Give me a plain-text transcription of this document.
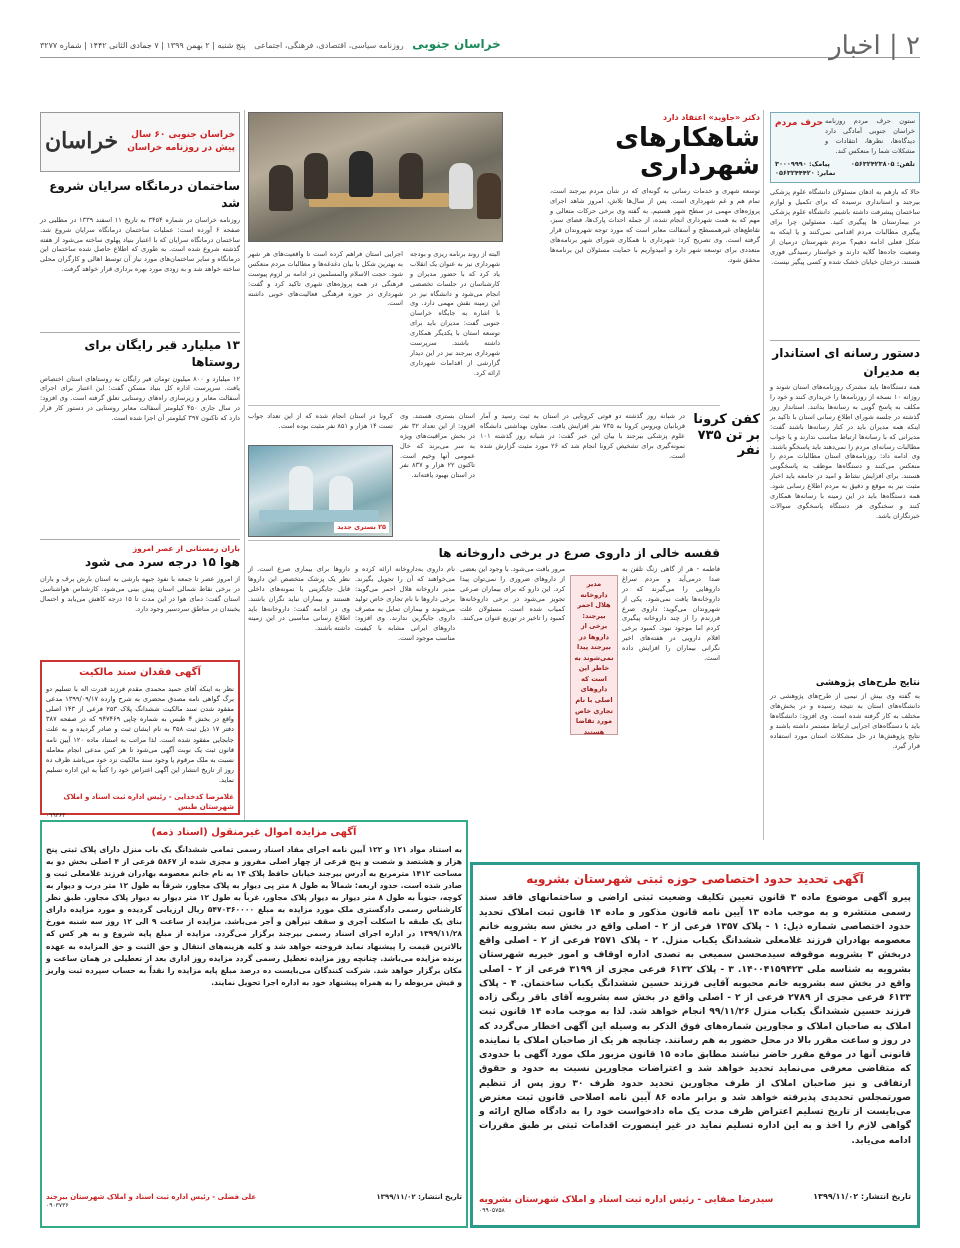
۲ | اخبار
خراسان جنوبی روزنامه سیاسی، اقتصادی، فرهنگی، اجتماعی پنج شنبه | ۲ بهمن ۱۳۹۹ | ۷ جمادی الثانی ۱۴۴۲ | شماره ۳۲۷۷
ستون حرف مردم روزنامه خراسان جنوبی آمادگی دارد دیدگاه‌ها، نظرها، انتقادات و مشکلات شما را منعکس کند.
حرف مردم
تلفن: ۰۵۶۳۲۴۲۳۸۰۵
پیامک: ۳۰۰۰۹۹۹۰
نمابر: ۰۵۶۳۲۴۴۴۲۰
حالا که بازهم به اذهان مسئولان دانشگاه علوم پزشکی بیرجند و استانداری نرسیده که برای تکمیل و لوازم ساختمان پیشرفت داشته باشیم. دانشگاه علوم پزشکی در بیمارستان ها پیگیری کنید. مسئولین چرا برای پیگیری مطالبات مردم اقدامی نمی‌کنند و یا اینکه به شکل فعلی ادامه دهیم؟ مردم شهرستان درمیان از وضعیت جاده‌ها گلایه دارند و خواستار رسیدگی فوری هستند. درختان خیابان خشک شده و کسی پیگیر نیست.
دستور رسانه ای استاندار به مدیران
همه دستگاه‌ها باید مشترک روزنامه‌های استان شوند و روزانه ۱۰ نسخه از روزنامه‌ها را خریداری کنند و خود را مکلف به پاسخ گویی به رسانه‌ها بدانند. استاندار روز گذشته در جلسه شورای اطلاع رسانی استان با تاکید بر اینکه همه مدیران باید در کنار رسانه‌ها باشند گفت: مدیرانی که با رسانه‌ها ارتباط مناسب ندارند و یا جواب مطالبات رسانه‌ای مردم را نمی‌دهند باید پاسخگو باشند. وی ادامه داد: روزنامه‌های استان مطالبات مردم را منعکس می‌کنند و دستگاه‌ها موظف به پاسخگویی هستند. برای افزایش نشاط و امید در جامعه باید اخبار مثبت نیز به موقع و دقیق به مردم اطلاع رسانی شود. همه دستگاه‌ها باید در این زمینه با رسانه‌ها همکاری کنند و سخنگوی هر دستگاه پاسخگوی سوالات خبرنگاران باشد.
نتایج طرح‌های پژوهشی
به گفته وی بیش از نیمی از طرح‌های پژوهشی در دانشگاه‌های استان به نتیجه رسیده و در بخش‌های مختلف به کار گرفته شده است. وی افزود: دانشگاه‌ها باید با دستگاه‌های اجرایی ارتباط مستمر داشته باشند و نتایج پژوهش‌ها در حل مشکلات استان مورد استفاده قرار گیرد.
دکتر «جاوید» اعتقاد دارد
شاهکارهای شهرداری
توسعه شهری و خدمات رسانی به گونه‌ای که در شأن مردم بیرجند است، تمام هم و غم شهرداری است. پس از سال‌ها تلاش، امروز شاهد اجرای پروژه‌های مهمی در سطح شهر هستیم. به گفته وی برخی حرکات متعالی و مهم که به همت شهرداری انجام شده، از جمله احداث پارک‌ها، فضای سبز، تقاطع‌های غیرهمسطح و آسفالت معابر است که مورد توجه شهروندان قرار گرفته است. وی تصریح کرد: شهرداری با همکاری شورای شهر برنامه‌های متعددی برای توسعه شهر دارد و امیدواریم با حمایت مسئولان این برنامه‌ها محقق شود.
البته از روند برنامه ریزی و بودجه شهرداری نیز به عنوان یک انقلاب یاد کرد که با حضور مدیران و کارشناسان در جلسات تخصصی انجام می‌شود و دانشگاه نیز در این زمینه نقش مهمی دارد. وی با اشاره به جایگاه خراسان جنوبی گفت: مدیران باید برای توسعه استان با یکدیگر همکاری داشته باشند. سرپرست شهرداری بیرجند نیز در این دیدار گزارشی از اقدامات شهرداری ارائه کرد.
اجرایی استان فراهم کرده است تا واقعیت‌های هر شهر به بهترین شکل با بیان دغدغه‌ها و مطالبات مردم منعکس شود. حجت الاسلام والمسلمین در ادامه بر لزوم پیوست فرهنگی در همه پروژه‌های شهری تاکید کرد و گفت: شهرداری در حوزه فرهنگی فعالیت‌های خوبی داشته است.
خراسان جنوبی ۶۰ سال پیش در روزنامه خراسان
خراسان
ساختمان درمانگاه سرایان شروع شد
روزنامه خراسان در شماره ۳۴۵۴ به تاریخ ۱۱ اسفند ۱۳۳۹ در مطلبی در صفحه ۶ آورده است: عملیات ساختمان درمانگاه سرایان شروع شد. ساختمان درمانگاه سرایان که با اعتبار بنیاد پهلوی ساخته می‌شود از هفته گذشته شروع شده است. به طوری که اطلاع حاصل شده ساختمان این درمانگاه و سایر ساختمان‌های مورد نیاز آن توسط اهالی و کارگران محلی ساخته خواهد شد و به زودی مورد بهره برداری قرار خواهد گرفت.
۱۳ میلیارد قیر رایگان برای روستاها
۱۲ میلیارد و ۸۰۰ میلیون تومان قیر رایگان به روستاهای استان اختصاص یافت. سرپرست اداره کل بنیاد مسکن گفت: این اعتبار برای اجرای آسفالت معابر و زیرسازی راه‌های روستایی تعلق گرفته است. وی افزود: در سال جاری ۴۵۰ کیلومتر آسفالت معابر روستایی در دستور کار قرار دارد که تاکنون ۳۹۷ کیلومتر آن اجرا شده است.
باران زمستانی از عصر امروز
هوا ۱۵ درجه سرد می شود
از امروز عصر تا جمعه با نفوذ جبهه بارشی به استان بارش برف و باران در برخی نقاط شمالی استان پیش بینی می‌شود. کارشناس هواشناسی استان گفت: دمای هوا در این مدت تا ۱۵ درجه کاهش می‌یابد و احتمال یخبندان در مناطق سردسیر وجود دارد.
کفن کرونا بر تن ۷۳۵ نفر
در شبانه روز گذشته دو فوتی کرونایی در استان به ثبت رسید و آمار قربانیان ویروس کرونا به ۷۳۵ نفر افزایش یافت. معاون بهداشتی دانشگاه علوم پزشکی بیرجند با بیان این خبر گفت: در شبانه روز گذشته ۱۰۱ نمونه‌گیری برای تشخیص کرونا انجام شد که ۲۶ مورد مثبت گزارش شده است.
استان بستری هستند. وی افزود: از این تعداد ۳۲ نفر در بخش مراقبت‌های ویژه به سر می‌برند که حال عمومی آنها وخیم است. تاکنون ۲۲ هزار و ۸۳۷ نفر در استان بهبود یافته‌اند.
کرونا در استان انجام شده که از این تعداد جواب تست ۱۴ هزار و ۸۵۱ نفر مثبت بوده است.
۲۵ بستری جدید
قفسه خالی از داروی صرع در برخی داروخانه ها
فاطمه - هر از گاهی زنگ تلفن به صدا درمی‌آید و مردم سراغ داروهایی را می‌گیرند که در داروخانه‌ها یافت نمی‌شود. یکی از شهروندان می‌گوید: داروی صرع فرزندم را از چند داروخانه پیگیری کردم اما موجود نبود. کمبود برخی اقلام دارویی در هفته‌های اخیر نگرانی بیماران را افزایش داده است.
مدیر داروخانه هلال احمر بیرجند: برخی از داروها در بیرجند پیدا نمی‌شوند به خاطر این است که داروهای اصلی با نام تجاری خاص مورد تقاضا هستند
مرور یافت می‌شود. با وجود این بعضی از داروهای ضروری را نمی‌توان پیدا کرد. این دارو که برای بیماران صرعی تجویز می‌شود در برخی داروخانه‌ها کمیاب شده است. مسئولان علت کمبود را تاخیر در توزیع عنوان می‌کنند.
نام داروی به‌داروخانه ارائه کرده و می‌خواهند که آن را تحویل بگیرند. مدیر داروخانه هلال احمر می‌گوید: برخی داروها با نام تجاری خاص تولید می‌شوند و بیماران تمایل به مصرف داروی جایگزین ندارند. وی افزود: داروهای ایرانی مشابه با کیفیت مناسب موجود است.
داروها برای بیماری صرع است. از نظر یک پزشک متخصص این داروها قابل جایگزینی با نمونه‌های داخلی هستند و بیماران نباید نگران باشند. وی در ادامه گفت: داروخانه‌ها باید اطلاع رسانی مناسبی در این زمینه داشته باشند.
آگهی فقدان سند مالکیت
نظر به اینکه آقای حمید محمدی مقدم فرزند قدرت اله با تسلیم دو برگ گواهی نامه مصدق محضری به شرح وارده ۱۳۹۹/۰۹/۱۷ مدعی مفقود شدن سند مالکیت ششدانگ پلاک ۲۵۳ فرعی از ۱۴۳ اصلی واقع در بخش ۴ طبس به شماره چاپی ۹۴۷۴۶۹ که در صفحه ۳۸۷ دفتر ۱۷ ذیل ثبت ۳۵۸ به نام ایشان ثبت و صادر گردیده و به علت جابجایی مفقود شده است. لذا مراتب به استناد ماده ۱۲۰ آیین نامه قانون ثبت یک نوبت آگهی می‌شود تا هر کس مدعی انجام معامله نسبت به ملک مرقوم یا وجود سند مالکیت نزد خود می‌باشد ظرف ده روز از تاریخ انتشار این آگهی اعتراض خود را کتباً به این اداره تسلیم نماید.
غلامرضا کدخدایی - رئیس اداره ثبت اسناد و املاک شهرستان طبس
۰۹۹۳۶۴
آگهی مزایده اموال غیرمنقول (اسناد ذمه)
به استناد مواد ۱۲۱ و ۱۲۲ آیین نامه اجرای مفاد اسناد رسمی تمامی ششدانگ یک باب منزل دارای پلاک ثبتی پنج هزار و هشتصد و شصت و پنج فرعی از چهار اصلی مفروز و مجزی شده از ۵۸۶۷ فرعی از ۴ اصلی بخش دو به مساحت ۱۴۱۲ مترمربع به آدرس بیرجند خیابان حافظ پلاک ۱۴ به نام خانم معصومه بهادران فرزند غلامعلی ثبت و صادر شده است. حدود اربعه: شمالاً به طول ۸ متر پی دیوار به پلاک مجاور، شرقاً به طول ۱۲ متر درب و دیوار به کوچه، جنوباً به طول ۸ متر دیوار به دیوار پلاک مجاور، غرباً به طول ۱۲ متر دیوار به دیوار پلاک مجاور. طبق نظر کارشناس رسمی دادگستری ملک مورد مزایده به مبلغ ۵۴۷۰۳۶۰۰۰۰ ریال ارزیابی گردیده و مورد مزایده دارای بنای یک طبقه با اسکلت آجری و سقف تیرآهن و آجر می‌باشد. مزایده از ساعت ۹ الی ۱۲ روز سه شنبه مورخ ۱۳۹۹/۱۱/۲۸ در اداره اجرای اسناد رسمی بیرجند برگزار می‌گردد. مزایده از مبلغ پایه شروع و به هر کس که بالاترین قیمت را پیشنهاد نماید فروخته خواهد شد و کلیه هزینه‌های انتقال و حق الثبت و حق المزایده به عهده برنده مزایده می‌باشد. چنانچه روز مزایده تعطیل رسمی گردد مزایده روز اداری بعد از تعطیلی در همان ساعت و مکان برگزار خواهد شد. شرکت کنندگان می‌بایست ده درصد مبلغ پایه مزایده را نقداً به حساب سپرده ثبت واریز و فیش مربوطه را به همراه پیشنهاد خود به اداره اجرا تحویل نمایند.
تاریخ انتشار: ۱۳۹۹/۱۱/۰۲
علی فضلی - رئیس اداره ثبت اسناد و املاک شهرستان بیرجند
۰۹۰۳۷۳۶
آگهی تحدید حدود اختصاصی حوزه ثبتی شهرستان بشرویه
پیرو آگهی موضوع ماده ۳ قانون تعیین تکلیف وضعیت ثبتی اراضی و ساختمانهای فاقد سند رسمی منتشره و به موجب ماده ۱۳ آیین نامه قانون مذکور و ماده ۱۴ قانون ثبت املاک تحدید حدود اختصاصی شماره ذیل: ۱ - پلاک ۱۳۵۷ فرعی از ۲ - اصلی واقع در بخش سه بشرویه خانم معصومه بهادران فرزند غلامعلی ششدانگ یکباب منزل. ۲ - پلاک ۲۵۷۱ فرعی از ۲ - اصلی واقع دربخش ۳ بشرویه موقوفه سیدمحسن سمیعی به تصدی اداره اوقاف و امور خیریه شهرستان بشرویه به شناسه ملی ۱۴۰۰۴۱۵۹۴۲۳. ۳ - پلاک ۶۱۳۲ فرعی مجزی از ۳۱۹۹ فرعی از ۲ - اصلی واقع در بخش سه بشرویه خانم محبوبه آقایی فرزند حسین ششدانگ یکباب ساختمان. ۴ - پلاک ۶۱۳۳ فرعی مجزی از ۲۷۸۹ فرعی از ۲ - اصلی واقع در بخش سه بشرویه آقای باقر ریگی زاده فرزند حسین ششدانگ یکباب منزل ۹۹/۱۱/۲۶ انجام خواهد شد. لذا به موجب ماده ۱۴ قانون ثبت املاک به صاحبان املاک و مجاورین شماره‌های فوق الذکر به وسیله این آگهی اخطار می‌گردد که در روز و ساعت مقرر بالا در محل حضور به هم رسانند. چنانچه هر یک از صاحبان املاک یا نماینده قانونی آنها در موقع مقرر حاضر نباشند مطابق ماده ۱۵ قانون مزبور ملک مورد آگهی با حدودی که متقاضی معرفی می‌نماید تحدید خواهد شد و اعتراضات مجاورین نسبت به حدود و حقوق ارتفاقی و نیز صاحبان املاک از طرف مجاورین تحدید حدود ظرف ۳۰ روز پس از تنظیم صورتمجلس تحدیدی پذیرفته خواهد شد و برابر ماده ۸۶ آیین نامه اصلاحی قانون ثبت معترض می‌بایست از تاریخ تسلیم اعتراض ظرف مدت یک ماه دادخواست خود را به دادگاه صالح ارائه و گواهی لازم را اخذ و به این اداره تسلیم نماید در غیر اینصورت اقدامات ثبتی بر طبق مقررات ادامه می‌یابد.
تاریخ انتشار: ۱۳۹۹/۱۱/۰۲
سیدرضا صفایی - رئیس اداره ثبت اسناد و املاک شهرستان بشرویه
۰۹۹۰۵۷۵۸
